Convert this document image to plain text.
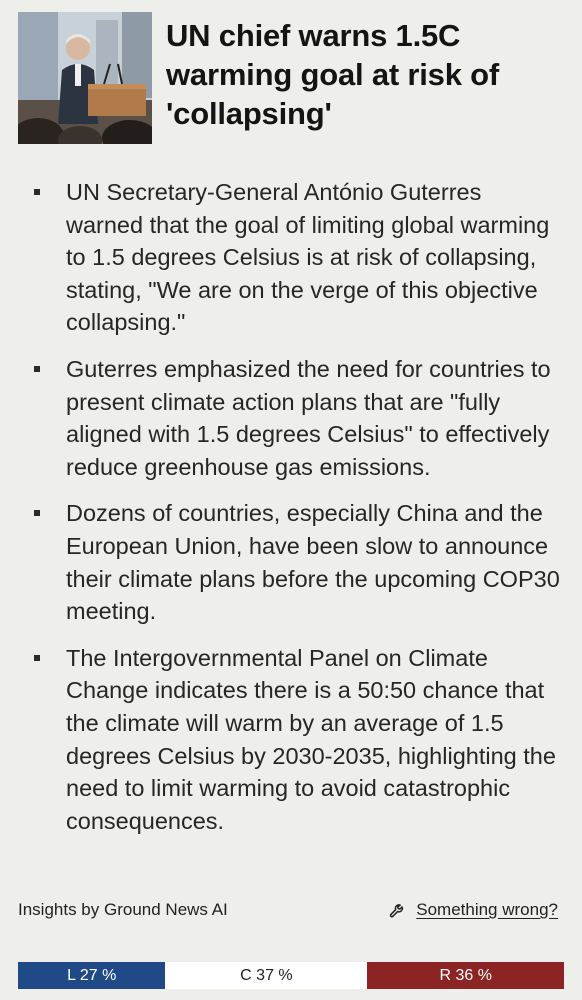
UN chief warns 1.5C warming goal at risk of 'collapsing'
UN Secretary-General António Guterres warned that the goal of limiting global warming to 1.5 degrees Celsius is at risk of collapsing, stating, "We are on the verge of this objective collapsing."
Guterres emphasized the need for countries to present climate action plans that are "fully aligned with 1.5 degrees Celsius" to effectively reduce greenhouse gas emissions.
Dozens of countries, especially China and the European Union, have been slow to announce their climate plans before the upcoming COP30 meeting.
The Intergovernmental Panel on Climate Change indicates there is a 50:50 chance that the climate will warm by an average of 1.5 degrees Celsius by 2030-2035, highlighting the need to limit warming to avoid catastrophic consequences.
Insights by Ground News AI	Something wrong?
L 27 %	C 37 %	R 36 %
